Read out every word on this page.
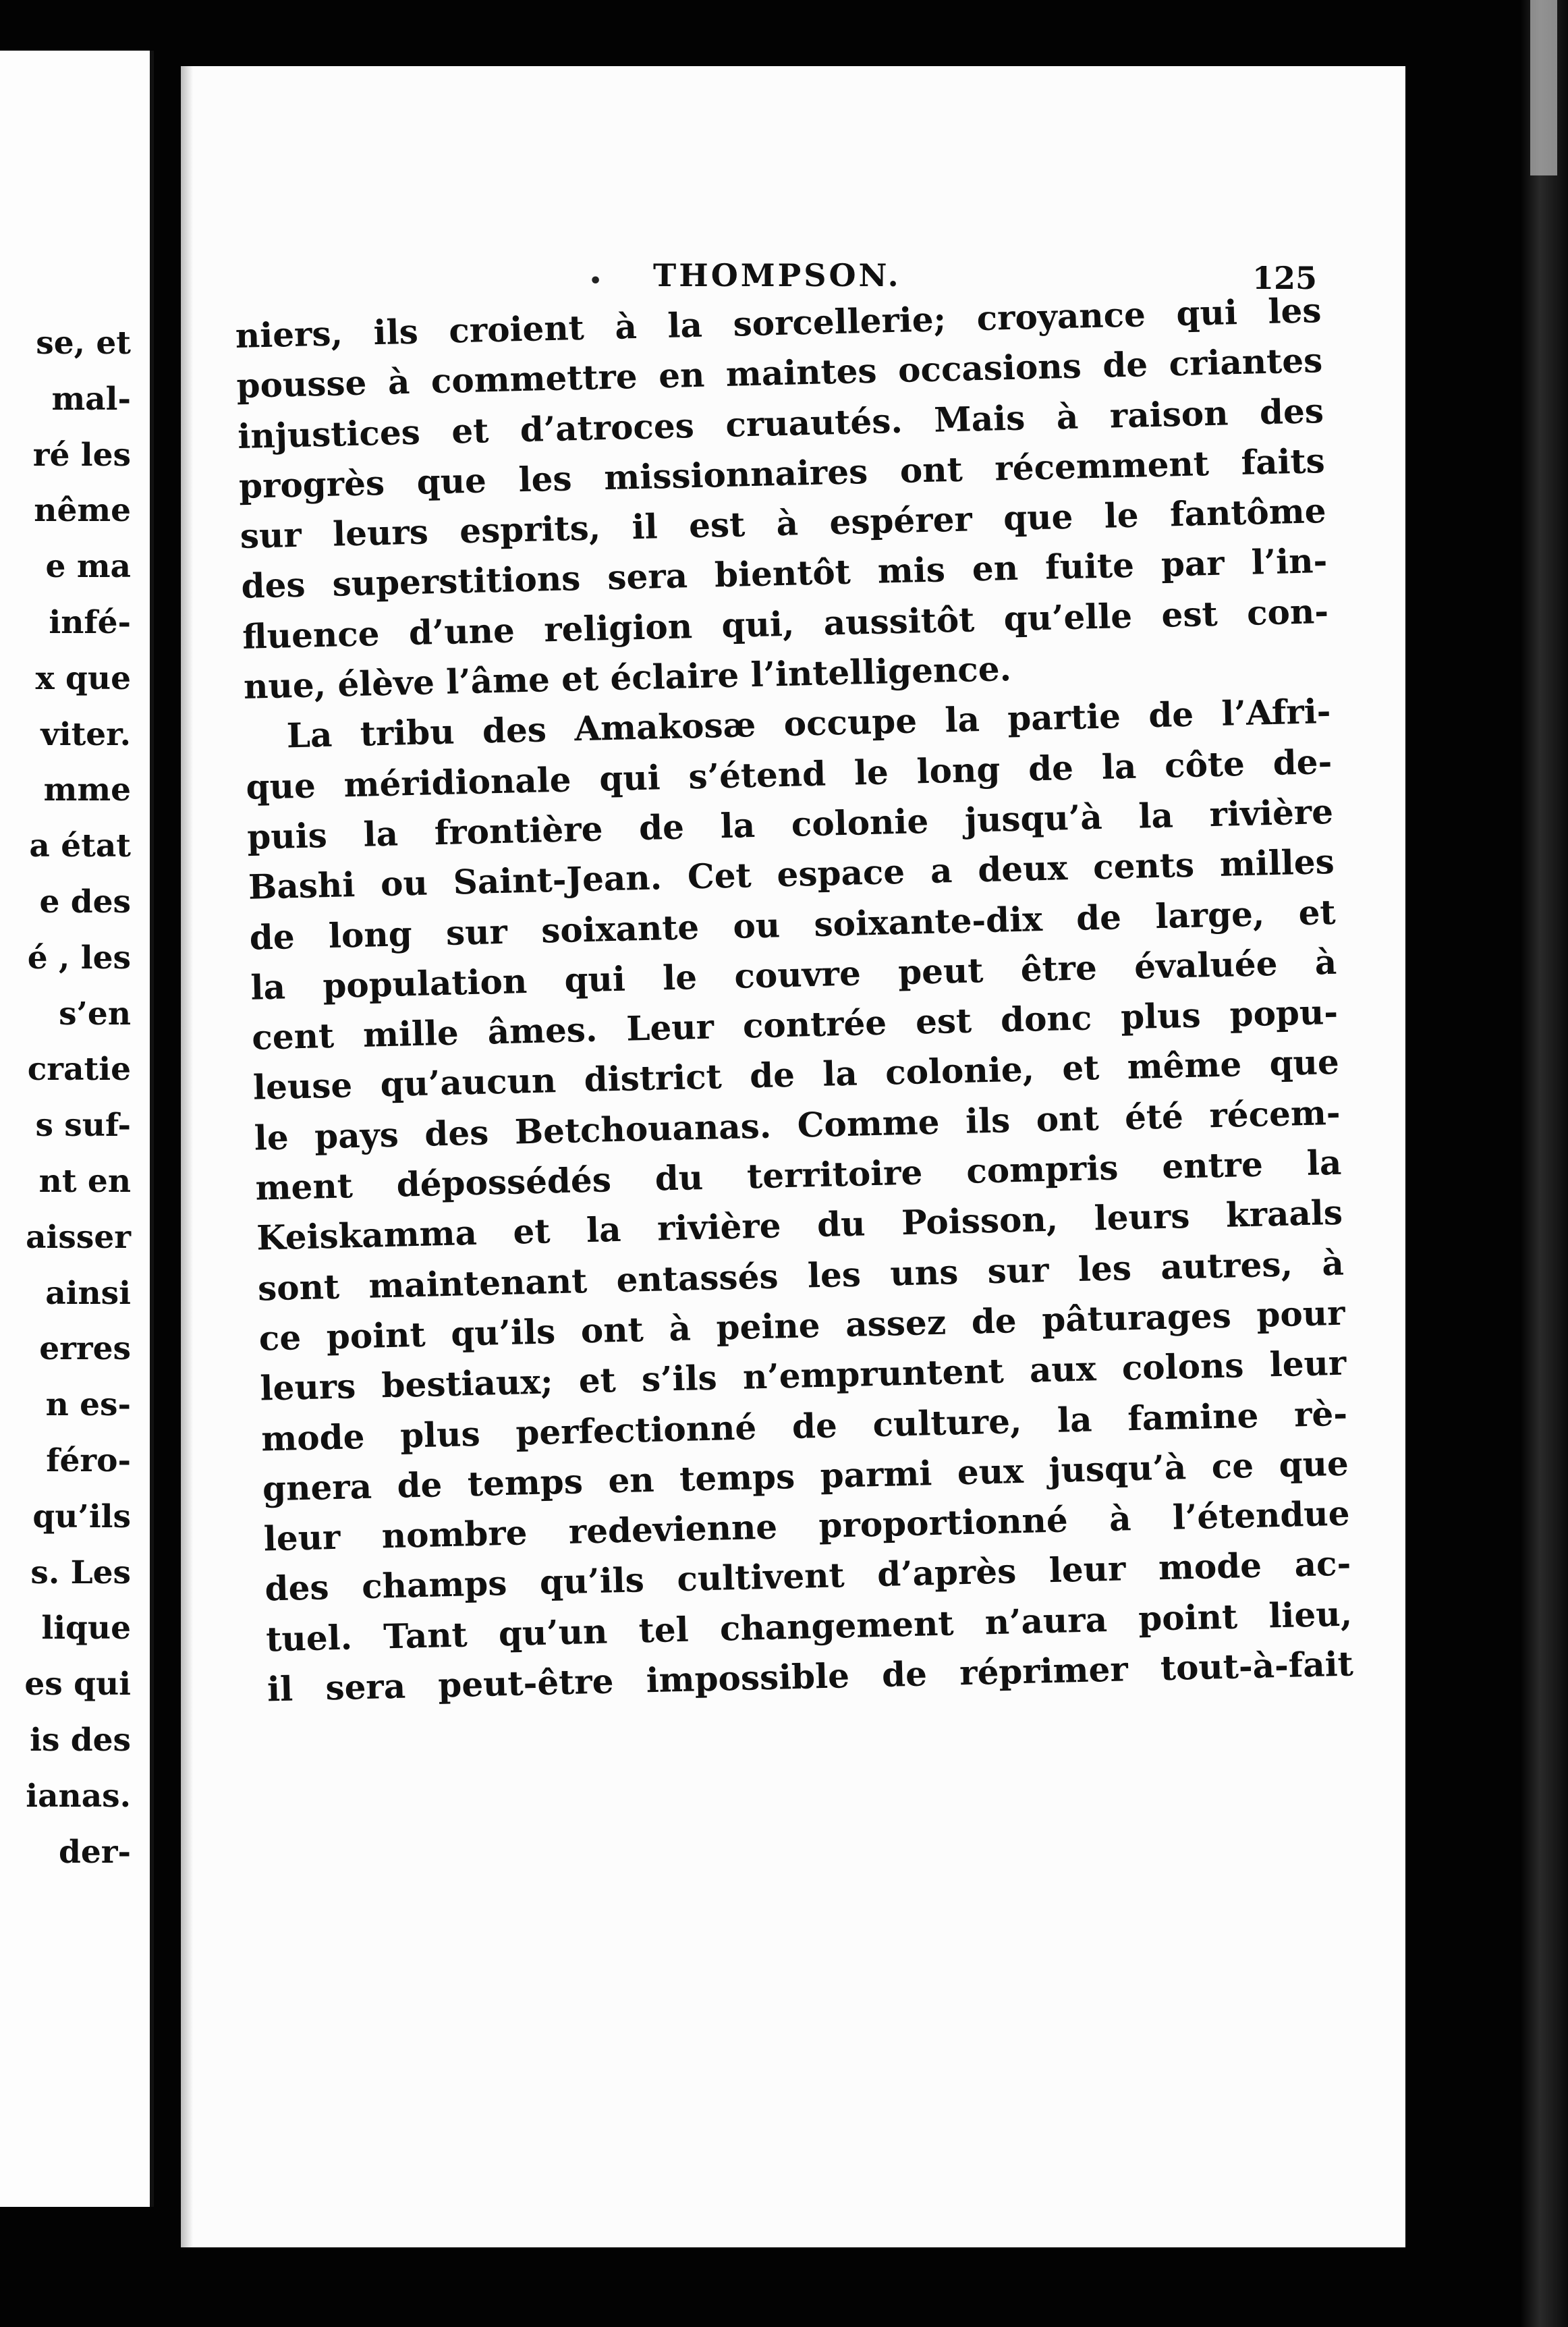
se, et
mal-
ré les
nême
e ma
infé-
x que
viter.
mme
a état
e des
é , les
s’en
cratie
s suf-
nt en
aisser
ainsi
erres
n es-
féro-
qu’ils
s. Les
lique
es qui
is des
ianas.
der-
• THOMPSON.	125
niers, ils croient à la sorcellerie; croyance qui les
pousse à commettre en maintes occasions de criantes
injustices et d’atroces cruautés. Mais à raison des
progrès que les missionnaires ont récemment faits
sur leurs esprits, il est à espérer que le fantôme
des superstitions sera bientôt mis en fuite par l’in-
fluence d’une religion qui, aussitôt qu’elle est con-
nue, élève l’âme et éclaire l’intelligence.
La tribu des Amakosæ occupe la partie de l’Afri-
que méridionale qui s’étend le long de la côte de-
puis la frontière de la colonie jusqu’à la rivière
Bashi ou Saint-Jean. Cet espace a deux cents milles
de long sur soixante ou soixante-dix de large, et
la population qui le couvre peut être évaluée à
cent mille âmes. Leur contrée est donc plus popu-
leuse qu’aucun district de la colonie, et même que
le pays des Betchouanas. Comme ils ont été récem-
ment dépossédés du territoire compris entre la
Keiskamma et la rivière du Poisson, leurs kraals
sont maintenant entassés les uns sur les autres, à
ce point qu’ils ont à peine assez de pâturages pour
leurs bestiaux; et s’ils n’empruntent aux colons leur
mode plus perfectionné de culture, la famine rè-
gnera de temps en temps parmi eux jusqu’à ce que
leur nombre redevienne proportionné à l’étendue
des champs qu’ils cultivent d’après leur mode ac-
tuel. Tant qu’un tel changement n’aura point lieu,
il sera peut-être impossible de réprimer tout-à-fait
